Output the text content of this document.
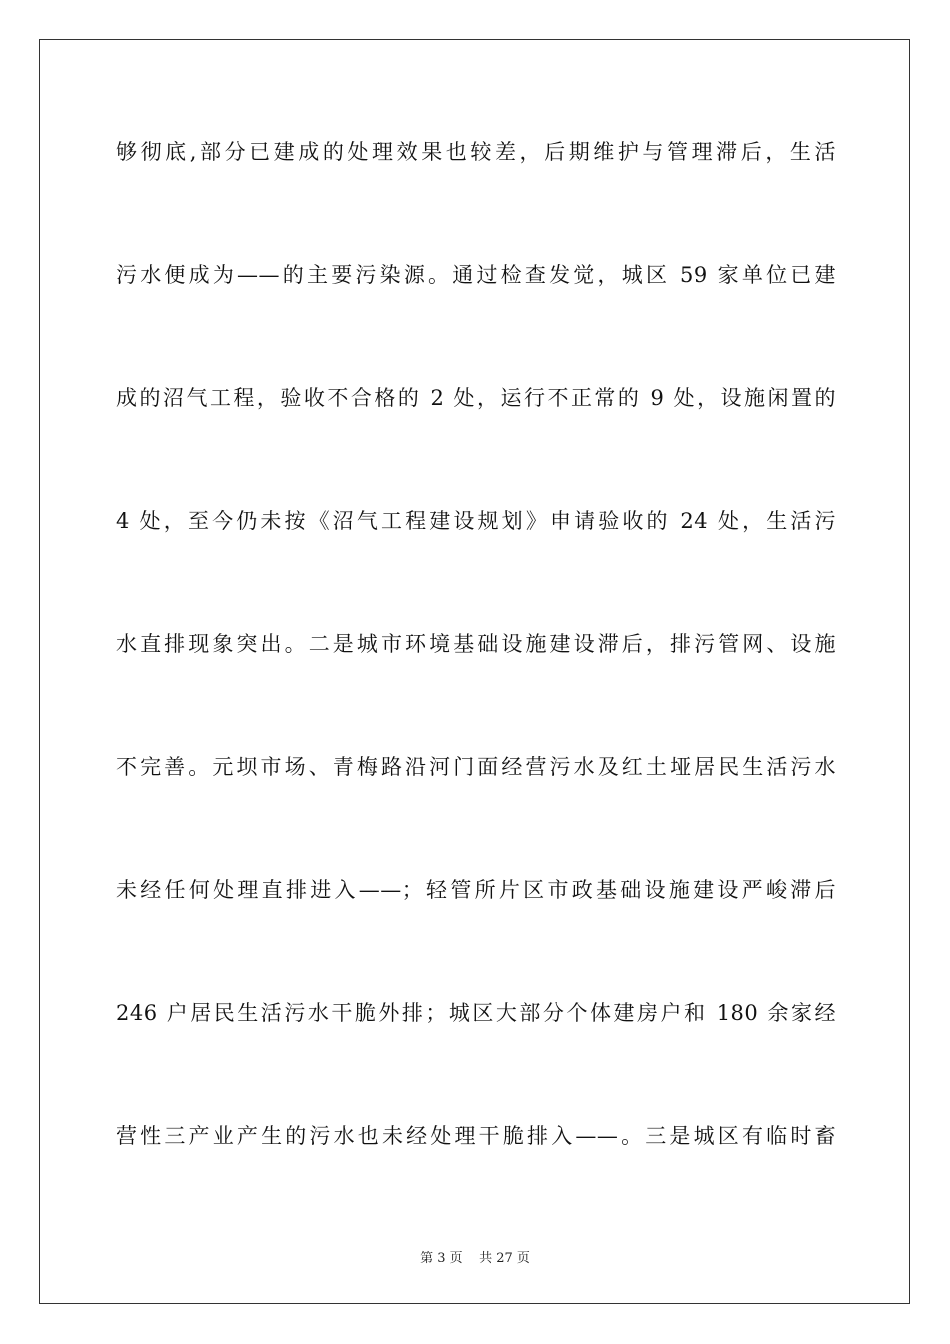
够彻底,部分已建成的处理效果也较差，后期维护与管理滞后，生活
污水便成为——的主要污染源。通过检查发觉，城区 59 家单位已建
成的沼气工程，验收不合格的 2 处，运行不正常的 9 处，设施闲置的
4 处，至今仍未按《沼气工程建设规划》申请验收的 24 处，生活污
水直排现象突出。二是城市环境基础设施建设滞后，排污管网、设施
不完善。元坝市场、青梅路沿河门面经营污水及红土垭居民生活污水
未经任何处理直排进入——；轻管所片区市政基础设施建设严峻滞后
246 户居民生活污水干脆外排；城区大部分个体建房户和 180 余家经
营性三产业产生的污水也未经处理干脆排入——。三是城区有临时畜
第 3 页    共 27 页
